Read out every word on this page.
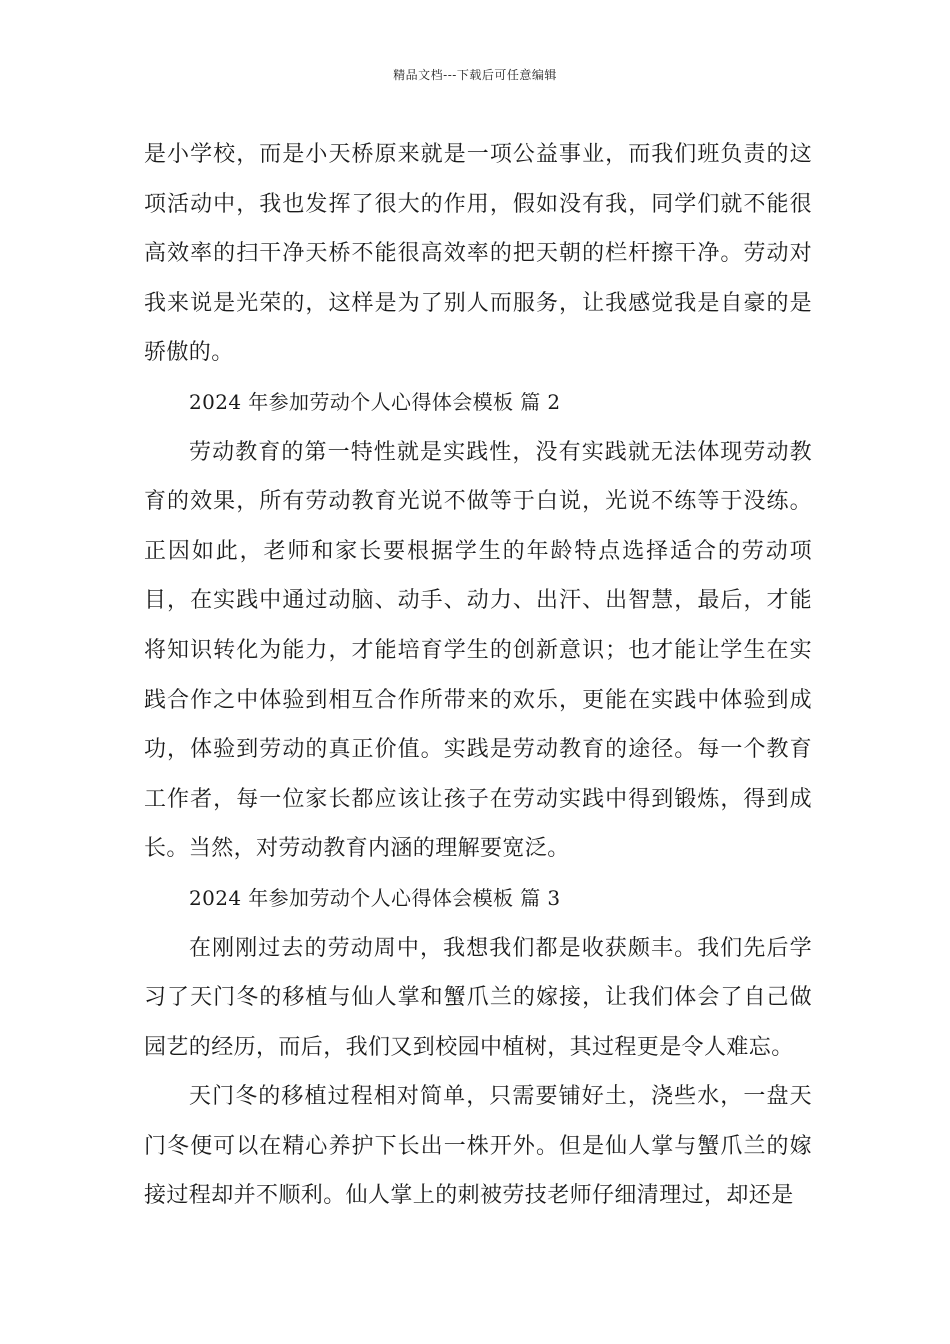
精品文档---下载后可任意编辑

是小学校，而是小天桥原来就是一项公益事业，而我们班负责的这项活动中，我也发挥了很大的作用，假如没有我，同学们就不能很高效率的扫干净天桥不能很高效率的把天朝的栏杆擦干净。劳动对我来说是光荣的，这样是为了别人而服务，让我感觉我是自豪的是骄傲的。

2024 年参加劳动个人心得体会模板 篇 2

劳动教育的第一特性就是实践性，没有实践就无法体现劳动教育的效果，所有劳动教育光说不做等于白说，光说不练等于没练。正因如此，老师和家长要根据学生的年龄特点选择适合的劳动项目，在实践中通过动脑、动手、动力、出汗、出智慧，最后，才能将知识转化为能力，才能培育学生的创新意识；也才能让学生在实践合作之中体验到相互合作所带来的欢乐，更能在实践中体验到成功，体验到劳动的真正价值。实践是劳动教育的途径。每一个教育工作者，每一位家长都应该让孩子在劳动实践中得到锻炼，得到成长。当然，对劳动教育内涵的理解要宽泛。

2024 年参加劳动个人心得体会模板 篇 3

在刚刚过去的劳动周中，我想我们都是收获颇丰。我们先后学习了天门冬的移植与仙人掌和蟹爪兰的嫁接，让我们体会了自己做园艺的经历，而后，我们又到校园中植树，其过程更是令人难忘。

天门冬的移植过程相对简单，只需要铺好土，浇些水，一盘天门冬便可以在精心养护下长出一株开外。但是仙人掌与蟹爪兰的嫁接过程却并不顺利。仙人掌上的刺被劳技老师仔细清理过，却还是
